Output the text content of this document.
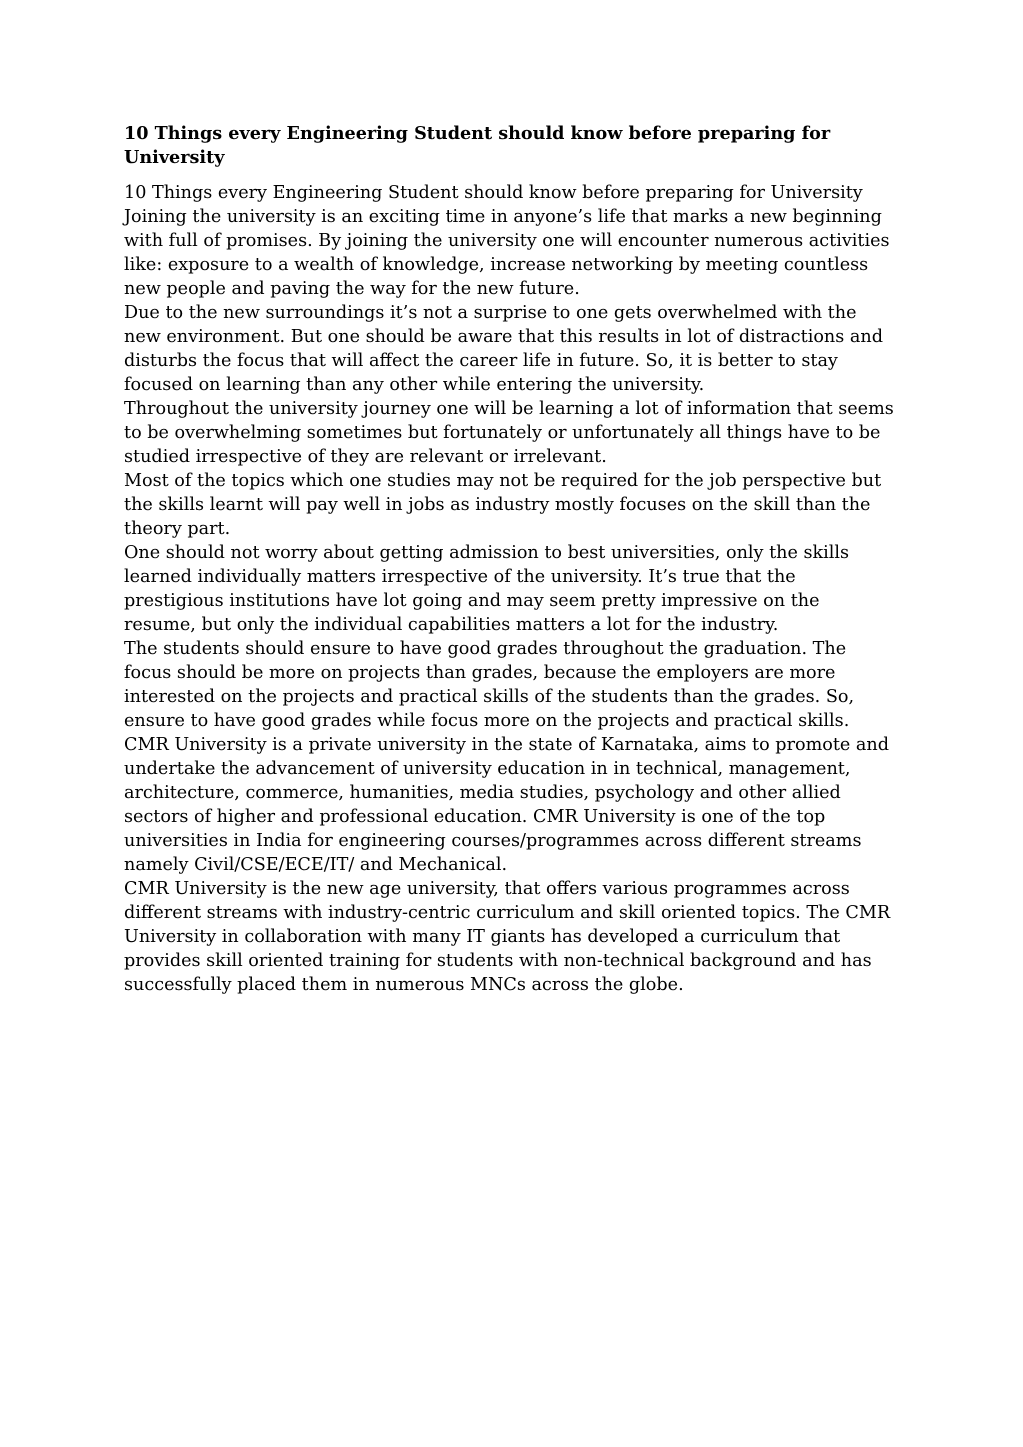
10 Things every Engineering Student should know before preparing for University

10 Things every Engineering Student should know before preparing for University

Joining the university is an exciting time in anyone’s life that marks a new beginning with full of promises. By joining the university one will encounter numerous activities like: exposure to a wealth of knowledge, increase networking by meeting countless new people and paving the way for the new future.

Due to the new surroundings it’s not a surprise to one gets overwhelmed with the new environment. But one should be aware that this results in lot of distractions and disturbs the focus that will affect the career life in future. So, it is better to stay focused on learning than any other while entering the university.

Throughout the university journey one will be learning a lot of information that seems to be overwhelming sometimes but fortunately or unfortunately all things have to be studied irrespective of they are relevant or irrelevant.

Most of the topics which one studies may not be required for the job perspective but the skills learnt will pay well in jobs as industry mostly focuses on the skill than the theory part.

One should not worry about getting admission to best universities, only the skills learned individually matters irrespective of the university. It’s true that the prestigious institutions have lot going and may seem pretty impressive on the resume, but only the individual capabilities matters a lot for the industry.

The students should ensure to have good grades throughout the graduation. The focus should be more on projects than grades, because the employers are more interested on the projects and practical skills of the students than the grades. So, ensure to have good grades while focus more on the projects and practical skills.

CMR University is a private university in the state of Karnataka, aims to promote and undertake the advancement of university education in in technical, management, architecture, commerce, humanities, media studies, psychology and other allied sectors of higher and professional education. CMR University is one of the top universities in India for engineering courses/programmes across different streams namely Civil/CSE/ECE/IT/ and Mechanical.

CMR University is the new age university, that offers various programmes across different streams with industry-centric curriculum and skill oriented topics. The CMR University in collaboration with many IT giants has developed a curriculum that provides skill oriented training for students with non-technical background and has successfully placed them in numerous MNCs across the globe.
